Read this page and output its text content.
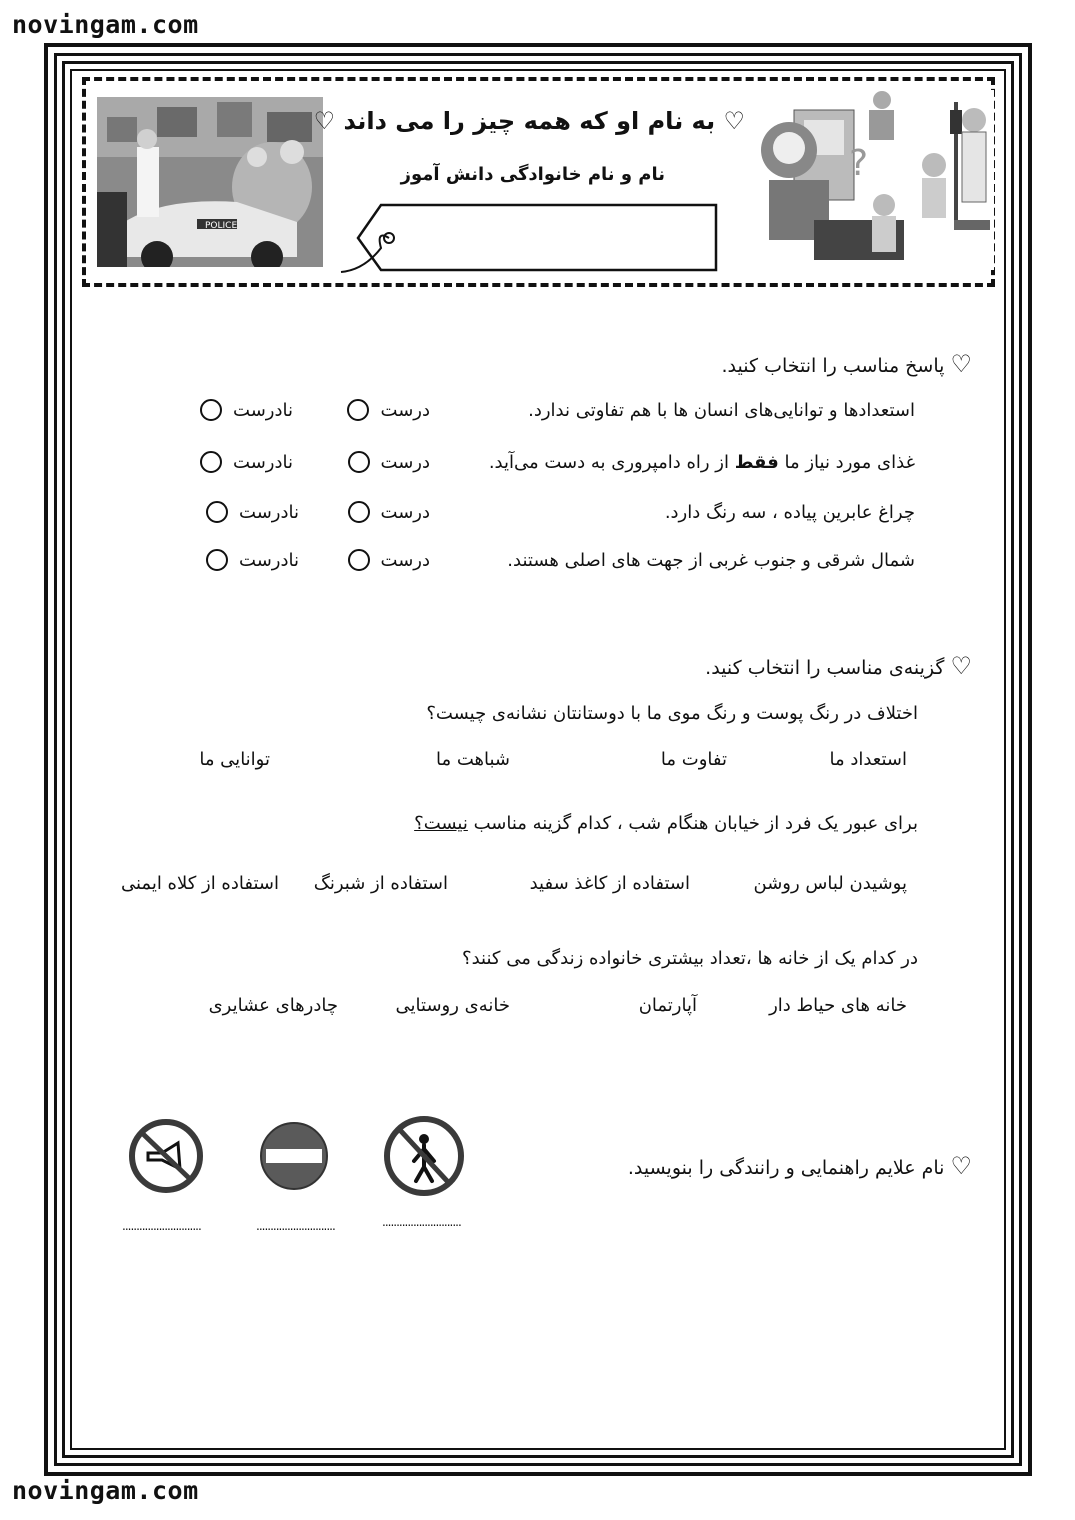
novingam.com
novingam.com
POLICE
?
♡ به نام او که همه چیز را می داند ♡
نام و نام خانوادگی دانش آموز
♡ پاسخ مناسب را انتخاب کنید.
استعدادها و توانایی‌های انسان ها با هم تفاوتی ندارد.
درست
نادرست
غذای مورد نیاز ما فقط از راه دامپروری به دست می‌آید.
درست
نادرست
چراغ عابرین پیاده ، سه رنگ دارد.
درست
نادرست
شمال شرقی و جنوب غربی از جهت های اصلی هستند.
درست
نادرست
♡ گزینه‌ی مناسب را انتخاب کنید.
اختلاف در رنگ پوست و رنگ موی ما با دوستانتان نشانه‌ی چیست؟
استعداد ما
تفاوت ما
شباهت ما
توانایی ما
برای عبور یک فرد از خیابان هنگام شب ، کدام گزینه مناسب نیست؟
پوشیدن لباس روشن
استفاده از کاغذ سفید
استفاده از شبرنگ
استفاده از کلاه ایمنی
در کدام یک از خانه ها ،تعداد بیشتری خانواده زندگی می کنند؟
خانه های حیاط دار
آپارتمان
خانه‌ی روستایی
چادرهای عشایری
♡ نام علایم راهنمایی و رانندگی را بنویسید.
............................
............................
............................
